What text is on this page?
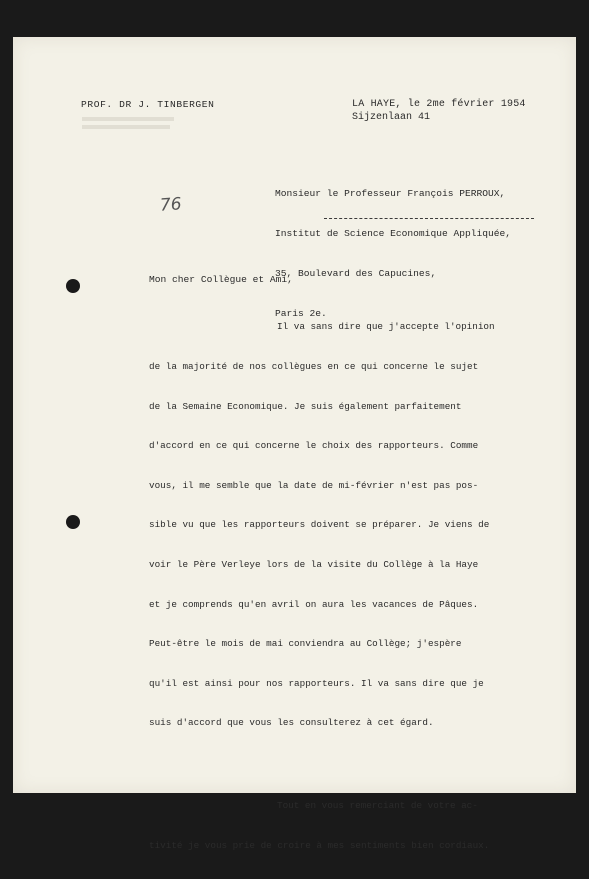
PROF. DR J. TINBERGEN	LA HAYE, le 2me février 1954
Sijzenlaan 41
76

Monsieur le Professeur François PERROUX,

Institut de Science Economique Appliquée,

35, Boulevard des Capucines,

Paris 2e.

Mon cher Collègue et Ami,

Il va sans dire que j'accepte l'opinion

de la majorité de nos collègues en ce qui concerne le sujet

de la Semaine Economique. Je suis également parfaitement

d'accord en ce qui concerne le choix des rapporteurs. Comme

vous, il me semble que la date de mi-février n'est pas pos-

sible vu que les rapporteurs doivent se préparer. Je viens de

voir le Père Verleye lors de la visite du Collège à la Haye

et je comprends qu'en avril on aura les vacances de Pâques.

Peut-être le mois de mai conviendra au Collège; j'espère

qu'il est ainsi pour nos rapporteurs. Il va sans dire que je

suis d'accord que vous les consulterez à cet égard.

Tout en vous remerciant de votre ac-

tivité je vous prie de croire à mes sentiments bien cordiaux.
